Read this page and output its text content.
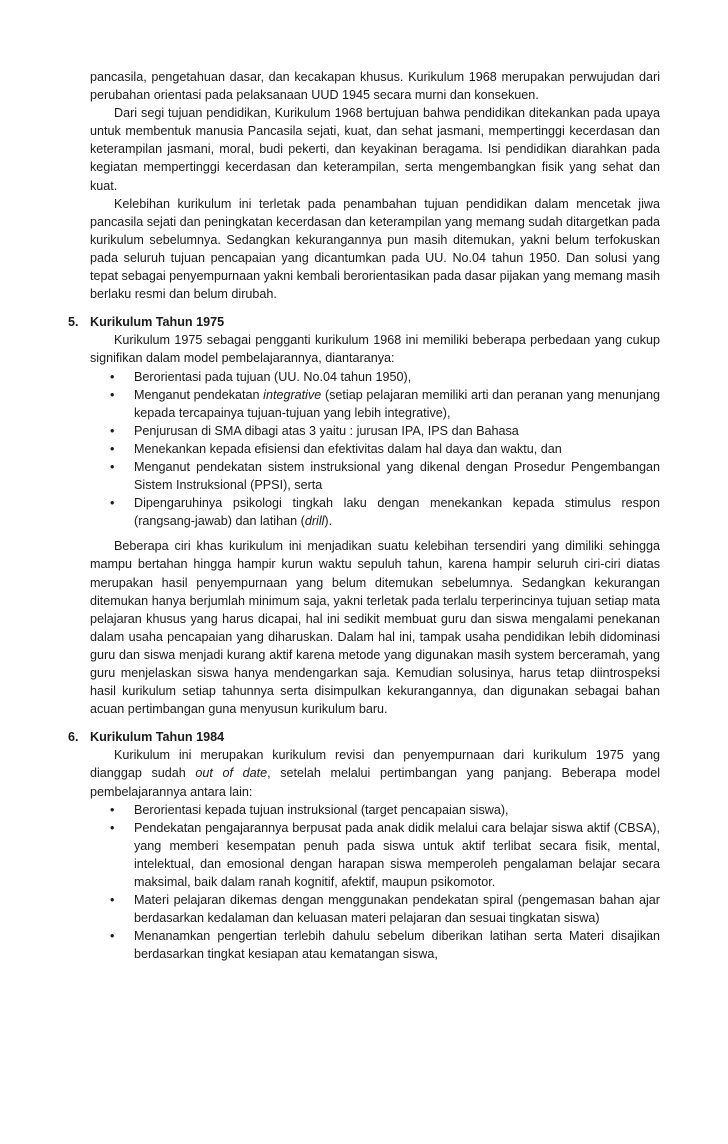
pancasila, pengetahuan dasar, dan kecakapan khusus. Kurikulum 1968 merupakan perwujudan dari perubahan orientasi pada pelaksanaan UUD 1945 secara murni dan konsekuen.

Dari segi tujuan pendidikan, Kurikulum 1968 bertujuan bahwa pendidikan ditekankan pada upaya untuk membentuk manusia Pancasila sejati, kuat, dan sehat jasmani, mempertinggi kecerdasan dan keterampilan jasmani, moral, budi pekerti, dan keyakinan beragama. Isi pendidikan diarahkan pada kegiatan mempertinggi kecerdasan dan keterampilan, serta mengembangkan fisik yang sehat dan kuat.

Kelebihan kurikulum ini terletak pada penambahan tujuan pendidikan dalam mencetak jiwa pancasila sejati dan peningkatan kecerdasan dan keterampilan yang memang sudah ditargetkan pada kurikulum sebelumnya. Sedangkan kekurangannya pun masih ditemukan, yakni belum terfokuskan pada seluruh tujuan pencapaian yang dicantumkan pada UU. No.04 tahun 1950. Dan solusi yang tepat sebagai penyempurnaan yakni kembali berorientasikan pada dasar pijakan yang memang masih berlaku resmi dan belum dirubah.

5. Kurikulum Tahun 1975

Kurikulum 1975 sebagai pengganti kurikulum 1968 ini memiliki beberapa perbedaan yang cukup signifikan dalam model pembelajarannya, diantaranya:

•	Berorientasi pada tujuan (UU. No.04 tahun 1950),
•	Menganut pendekatan integrative (setiap pelajaran memiliki arti dan peranan yang menunjang kepada tercapainya tujuan-tujuan yang lebih integrative),
•	Penjurusan di SMA dibagi atas 3 yaitu : jurusan IPA, IPS dan Bahasa
•	Menekankan kepada efisiensi dan efektivitas dalam hal daya dan waktu, dan
•	Menganut pendekatan sistem instruksional yang dikenal dengan Prosedur Pengembangan Sistem Instruksional (PPSI), serta
•	Dipengaruhinya psikologi tingkah laku dengan menekankan kepada stimulus respon (rangsang-jawab) dan latihan (drill).

Beberapa ciri khas kurikulum ini menjadikan suatu kelebihan tersendiri yang dimiliki sehingga mampu bertahan hingga hampir kurun waktu sepuluh tahun, karena hampir seluruh ciri-ciri diatas merupakan hasil penyempurnaan yang belum ditemukan sebelumnya. Sedangkan kekurangan ditemukan hanya berjumlah minimum saja, yakni terletak pada terlalu terperincinya tujuan setiap mata pelajaran khusus yang harus dicapai, hal ini sedikit membuat guru dan siswa mengalami penekanan dalam usaha pencapaian yang diharuskan. Dalam hal ini, tampak usaha pendidikan lebih didominasi guru dan siswa menjadi kurang aktif karena metode yang digunakan masih system berceramah, yang guru menjelaskan siswa hanya mendengarkan saja. Kemudian solusinya, harus tetap diintrospeksi hasil kurikulum setiap tahunnya serta disimpulkan kekurangannya, dan digunakan sebagai bahan acuan pertimbangan guna menyusun kurikulum baru.

6. Kurikulum Tahun 1984

Kurikulum ini merupakan kurikulum revisi dan penyempurnaan dari kurikulum 1975 yang dianggap sudah out of date, setelah melalui pertimbangan yang panjang. Beberapa model pembelajarannya antara lain:

•	Berorientasi kepada tujuan instruksional (target pencapaian siswa),
•	Pendekatan pengajarannya berpusat pada anak didik melalui cara belajar siswa aktif (CBSA), yang memberi kesempatan penuh pada siswa untuk aktif terlibat secara fisik, mental, intelektual, dan emosional dengan harapan siswa memperoleh pengalaman belajar secara maksimal, baik dalam ranah kognitif, afektif, maupun psikomotor.
•	Materi pelajaran dikemas dengan menggunakan pendekatan spiral (pengemasan bahan ajar berdasarkan kedalaman dan keluasan materi pelajaran dan sesuai tingkatan siswa)
•	Menanamkan pengertian terlebih dahulu sebelum diberikan latihan serta Materi disajikan berdasarkan tingkat kesiapan atau kematangan siswa,
